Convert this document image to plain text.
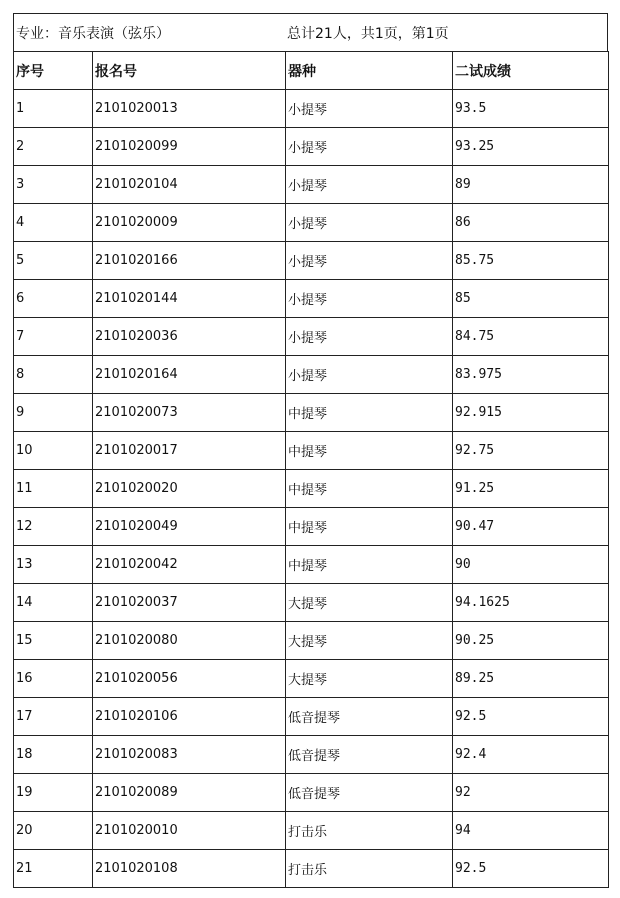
专业：音乐表演（弦乐）	总计21人，共1页，第1页
序号	报名号	器种	二试成绩
1	2101020013	小提琴	93.5
2	2101020099	小提琴	93.25
3	2101020104	小提琴	89
4	2101020009	小提琴	86
5	2101020166	小提琴	85.75
6	2101020144	小提琴	85
7	2101020036	小提琴	84.75
8	2101020164	小提琴	83.975
9	2101020073	中提琴	92.915
10	2101020017	中提琴	92.75
11	2101020020	中提琴	91.25
12	2101020049	中提琴	90.47
13	2101020042	中提琴	90
14	2101020037	大提琴	94.1625
15	2101020080	大提琴	90.25
16	2101020056	大提琴	89.25
17	2101020106	低音提琴	92.5
18	2101020083	低音提琴	92.4
19	2101020089	低音提琴	92
20	2101020010	打击乐	94
21	2101020108	打击乐	92.5
